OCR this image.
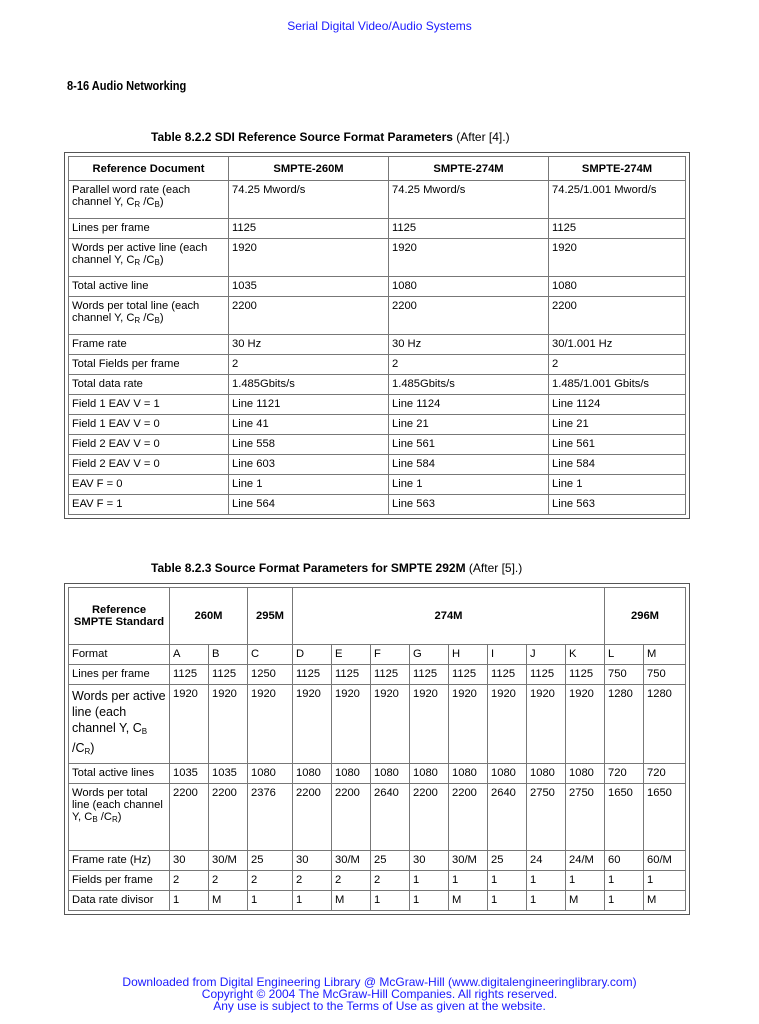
Serial Digital Video/Audio Systems
8-16 Audio Networking
Table 8.2.2 SDI Reference Source Format Parameters (After [4].)
Reference Document	SMPTE-260M	SMPTE-274M	SMPTE-274M
Parallel word rate (each channel Y, $C_R$ $/C_B$)	74.25 Mword/s	74.25 Mword/s	74.25/1.001 Mword/s
Lines per frame	1125	1125	1125
Words per active line (each channel Y, $C_R$ $/C_B$)	1920	1920	1920
Total active line	1035	1080	1080
Words per total line (each channel Y, $C_R$ $/C_B$)	2200	2200	2200
Frame rate	30 Hz	30 Hz	30/1.001 Hz
Total Fields per frame	2	2	2
Total data rate	1.485Gbits/s	1.485Gbits/s	1.485/1.001 Gbits/s
Field 1 EAV V = 1	Line 1121	Line 1124	Line 1124
Field 1 EAV V = 0	Line 41	Line 21	Line 21
Field 2 EAV V = 0	Line 558	Line 561	Line 561
Field 2 EAV V = 0	Line 603	Line 584	Line 584
EAV F = 0	Line 1	Line 1	Line 1
EAV F = 1	Line 564	Line 563	Line 563
Table 8.2.3 Source Format Parameters for SMPTE 292M (After [5].)
Reference SMPTE Standard	260M		295M	274M								296M	
Format	A	B	C	D	E	F	G	H	I	J	K	L	M
Lines per frame	1125	1125	1250	1125	1125	1125	1125	1125	1125	1125	1125	750	750
Words per active line (each channel Y, $C_B$ $/C_R$)	1920	1920	1920	1920	1920	1920	1920	1920	1920	1920	1920	1280	1280
Total active lines	1035	1035	1080	1080	1080	1080	1080	1080	1080	1080	1080	720	720
Words per total line (each channel Y, $C_B$ $/C_R$)	2200	2200	2376	2200	2200	2640	2200	2200	2640	2750	2750	1650	1650
Frame rate (Hz)	30	30/M	25	30	30/M	25	30	30/M	25	24	24/M	60	60/M
Fields per frame	2	2	2	2	2	2	1	1	1	1	1	1	1
Data rate divisor	1	M	1	1	M	1	1	M	1	1	M	1	M
Downloaded from Digital Engineering Library @ McGraw-Hill (www.digitalengineeringlibrary.com)
Copyright © 2004 The McGraw-Hill Companies. All rights reserved.
Any use is subject to the Terms of Use as given at the website.
